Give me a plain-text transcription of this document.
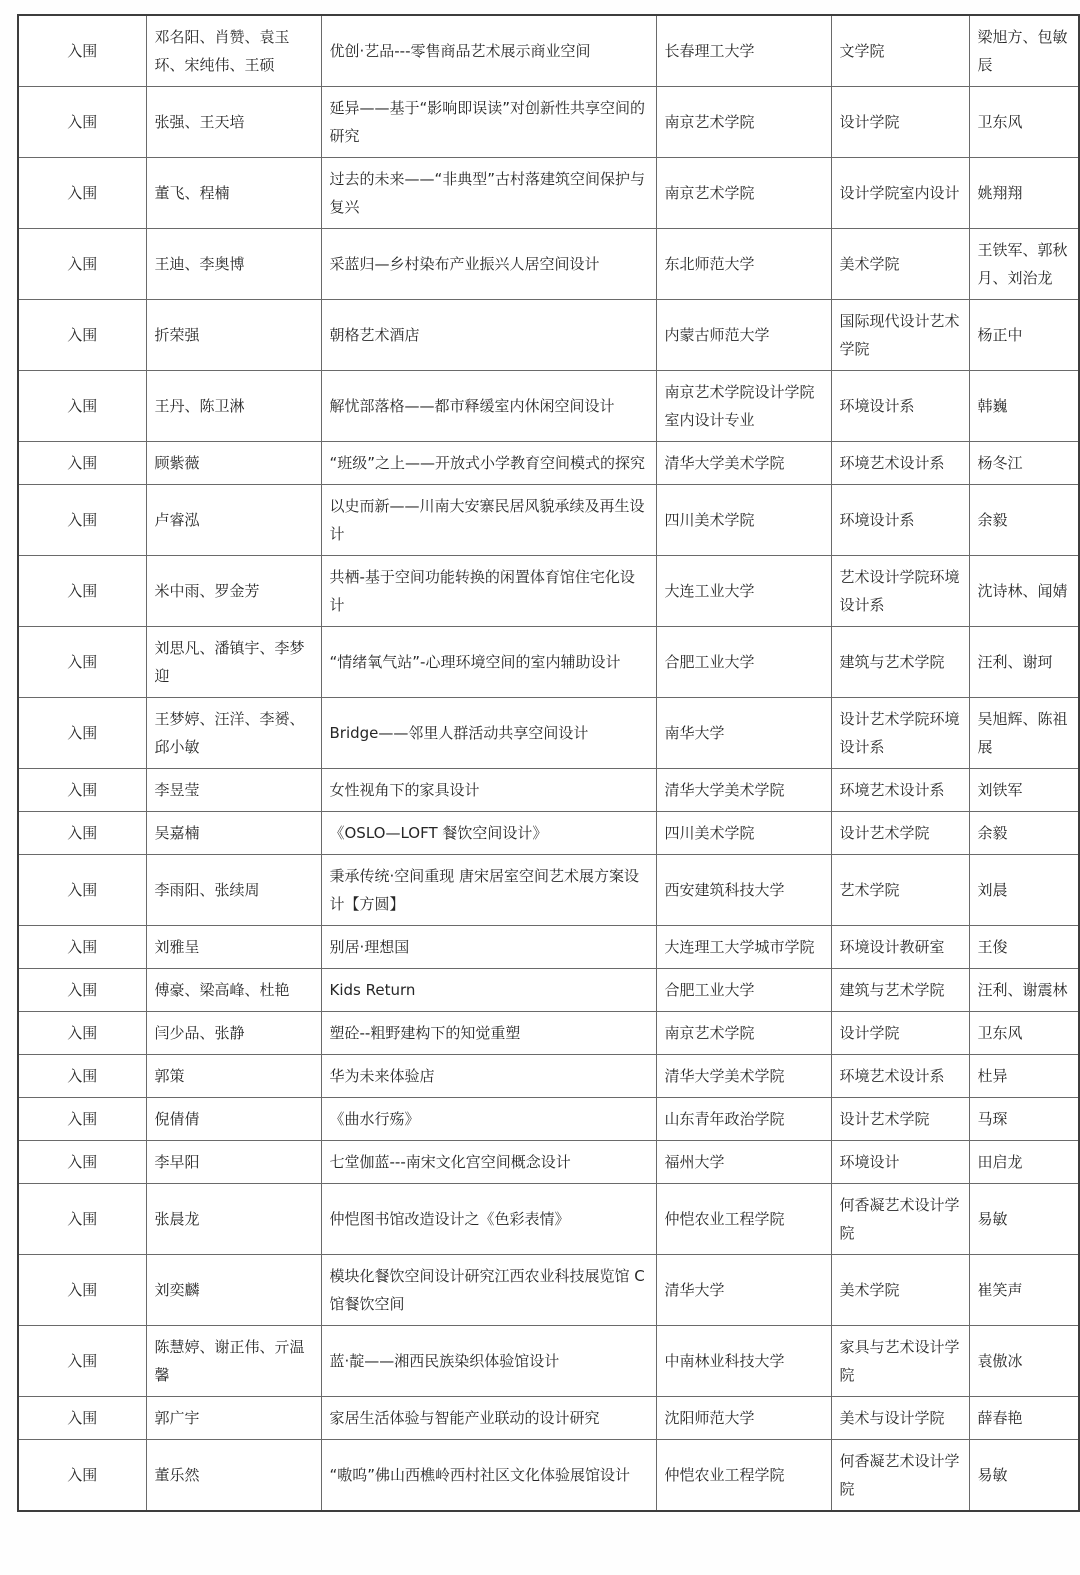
入围	邓名阳、肖赞、袁玉环、宋纯伟、王硕	优创·艺品---零售商品艺术展示商业空间	长春理工大学	文学院	梁旭方、包敏辰
入围	张强、王天培	延异——基于“影响即误读”对创新性共享空间的研究	南京艺术学院	设计学院	卫东风
入围	董飞、程楠	过去的未来——“非典型”古村落建筑空间保护与复兴	南京艺术学院	设计学院室内设计	姚翔翔
入围	王迪、李奥博	采蓝归—乡村染布产业振兴人居空间设计	东北师范大学	美术学院	王铁军、郭秋月、刘治龙
入围	折荣强	朝格艺术酒店	内蒙古师范大学	国际现代设计艺术学院	杨正中
入围	王丹、陈卫淋	解忧部落格——都市释缓室内休闲空间设计	南京艺术学院设计学院室内设计专业	环境设计系	韩巍
入围	顾紫薇	“班级”之上——开放式小学教育空间模式的探究	清华大学美术学院	环境艺术设计系	杨冬江
入围	卢睿泓	以史而新——川南大安寨民居风貌承续及再生设计	四川美术学院	环境设计系	余毅
入围	米中雨、罗金芳	共栖-基于空间功能转换的闲置体育馆住宅化设计	大连工业大学	艺术设计学院环境设计系	沈诗林、闻婧
入围	刘思凡、潘镇宇、李梦迎	“情绪氧气站”-心理环境空间的室内辅助设计	合肥工业大学	建筑与艺术学院	汪利、谢珂
入围	王梦婷、汪洋、李赟、邱小敏	Bridge——邻里人群活动共享空间设计	南华大学	设计艺术学院环境设计系	吴旭辉、陈祖展
入围	李昱莹	女性视角下的家具设计	清华大学美术学院	环境艺术设计系	刘铁军
入围	吴嘉楠	《OSLO—LOFT 餐饮空间设计》	四川美术学院	设计艺术学院	余毅
入围	李雨阳、张续周	秉承传统·空间重现 唐宋居室空间艺术展方案设计【方圆】	西安建筑科技大学	艺术学院	刘晨
入围	刘雅呈	别居·理想国	大连理工大学城市学院	环境设计教研室	王俊
入围	傅豪、梁高峰、杜艳	Kids Return	合肥工业大学	建筑与艺术学院	汪利、谢震林
入围	闫少品、张静	塑砼--粗野建构下的知觉重塑	南京艺术学院	设计学院	卫东风
入围	郭策	华为未来体验店	清华大学美术学院	环境艺术设计系	杜异
入围	倪倩倩	《曲水行殇》	山东青年政治学院	设计艺术学院	马琛
入围	李早阳	七堂伽蓝---南宋文化宫空间概念设计	福州大学	环境设计	田启龙
入围	张晨龙	仲恺图书馆改造设计之《色彩表情》	仲恺农业工程学院	何香凝艺术设计学院	易敏
入围	刘奕麟	模块化餐饮空间设计研究江西农业科技展览馆 C 馆餐饮空间	清华大学	美术学院	崔笑声
入围	陈慧婷、谢正伟、亓温馨	蓝·靛——湘西民族染织体验馆设计	中南林业科技大学	家具与艺术设计学院	袁傲冰
入围	郭广宇	家居生活体验与智能产业联动的设计研究	沈阳师范大学	美术与设计学院	薛春艳
入围	董乐然	“嗷呜”佛山西樵岭西村社区文化体验展馆设计	仲恺农业工程学院	何香凝艺术设计学院	易敏
